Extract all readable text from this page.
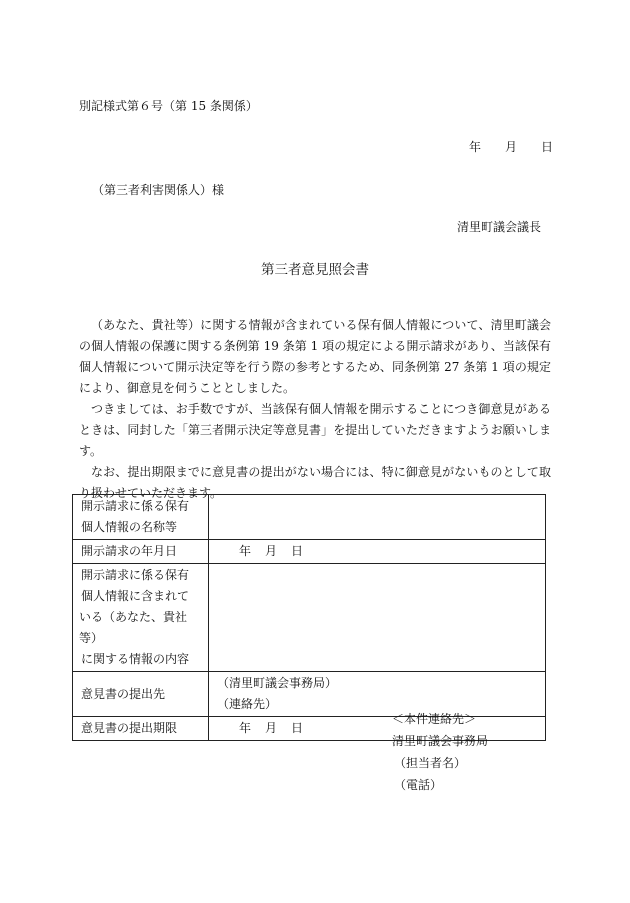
別記様式第６号（第 15 条関係）
年 月 日
（第三者利害関係人）様
清里町議会議長
第三者意見照会書

（あなた、貴社等）に関する情報が含まれている保有個人情報について、清里町議会の個人情報の保護に関する条例第 19 条第 1 項の規定による開示請求があり、当該保有個人情報について開示決定等を行う際の参考とするため、同条例第 27 条第 1 項の規定により、御意見を伺うこととしました。

つきましては、お手数ですが、当該保有個人情報を開示することにつき御意見があるときは、同封した「第三者開示決定等意見書」を提出していただきますようお願いします。

なお、提出期限までに意見書の提出がない場合には、特に御意見がないものとして取り扱わせていただきます。

開示請求に係る保有
個人情報の名称等	

開示請求の年月日	年 月 日

開示請求に係る保有
個人情報に含まれて
いる（あなた、貴社等）
に関する情報の内容	

意見書の提出先	（清里町議会事務局）
（連絡先）

意見書の提出期限	年 月 日
＜本件連絡先＞
清里町議会事務局
（担当者名）
（電話）
